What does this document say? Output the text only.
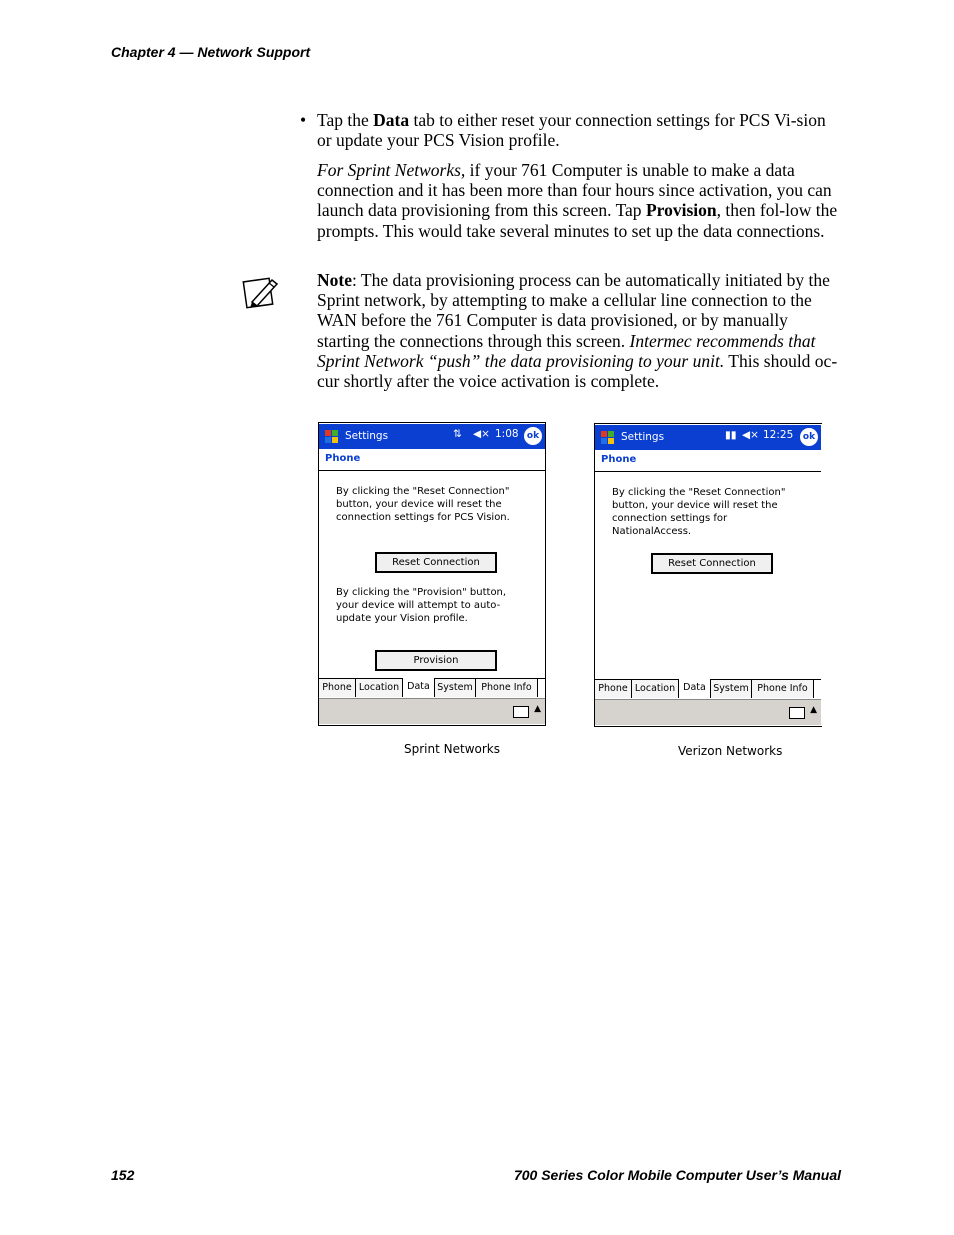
Chapter 4 — Network Support
• Tap the Data tab to either reset your connection settings for PCS Vi-sion or update your PCS Vision profile.
For Sprint Networks, if your 761 Computer is unable to make a data connection and it has been more than four hours since activation, you can launch data provisioning from this screen. Tap Provision, then fol-low the prompts. This would take several minutes to set up the data connections.
Note: The data provisioning process can be automatically initiated by the Sprint network, by attempting to make a cellular line connection to the WAN before the 761 Computer is data provisioned, or by manually starting the connections through this screen. Intermec recommends that Sprint Network “push” the data provisioning to your unit. This should oc-cur shortly after the voice activation is complete.
Settings	⇅ ◀× 1:08 ok
Phone
By clicking the "Reset Connection" button, your device will reset the connection settings for PCS Vision.
Reset Connection
By clicking the "Provision" button, your device will attempt to auto-update your Vision profile.
Provision
Phone Location Data System Phone Info
▲
Sprint Networks
Settings	▮▮ ◀× 12:25	ok
Phone
By clicking the "Reset Connection" button, your device will reset the connection settings for NationalAccess.
Reset Connection
Phone Location Data System Phone Info
▲
Verizon Networks
152	700 Series Color Mobile Computer User’s Manual
